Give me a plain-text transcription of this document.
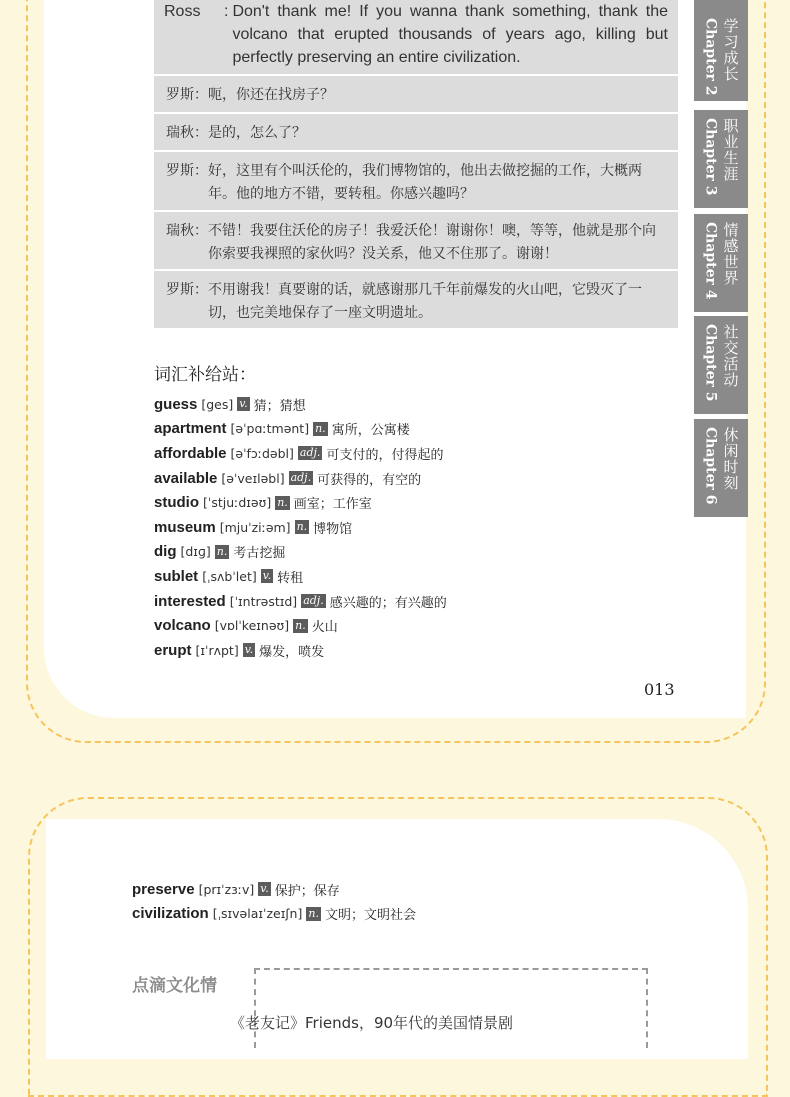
Ross	: Don't thank me! If you wanna thank something, thank the volcano that erupted thousands of years ago, killing but perfectly preserving an entire civilization.
罗斯： 呃，你还在找房子？
瑞秋： 是的，怎么了？
罗斯： 好，这里有个叫沃伦的，我们博物馆的，他出去做挖掘的工作，大概两年。他的地方不错，要转租。你感兴趣吗？
瑞秋： 不错！我要住沃伦的房子！我爱沃伦！谢谢你！噢，等等，他就是那个向你索要我裸照的家伙吗？没关系，他又不住那了。谢谢！
罗斯： 不用谢我！真要谢的话，就感谢那几千年前爆发的火山吧，它毁灭了一切，也完美地保存了一座文明遗址。
Chapter 2 学习成长
Chapter 3 职业生涯
Chapter 4 情感世界
Chapter 5 社交活动
Chapter 6 休闲时刻
词汇补给站：
guess [ges] v. 猜；猜想
apartment [əˈpɑːtmənt] n. 寓所，公寓楼
affordable [əˈfɔːdəbl] adj. 可支付的，付得起的
available [əˈveɪləbl] adj. 可获得的，有空的
studio [ˈstjuːdɪəʊ] n. 画室；工作室
museum [mjuˈziːəm] n. 博物馆
dig [dɪɡ] n. 考古挖掘
sublet [ˌsʌbˈlet] v. 转租
interested [ˈɪntrəstɪd] adj. 感兴趣的；有兴趣的
volcano [vɒlˈkeɪnəʊ] n. 火山
erupt [ɪˈrʌpt] v. 爆发，喷发
013
preserve [prɪˈzɜːv] v. 保护；保存
civilization [ˌsɪvəlaɪˈzeɪʃn] n. 文明；文明社会
点滴文化情
《老友记》Friends，90年代的美国情景剧
